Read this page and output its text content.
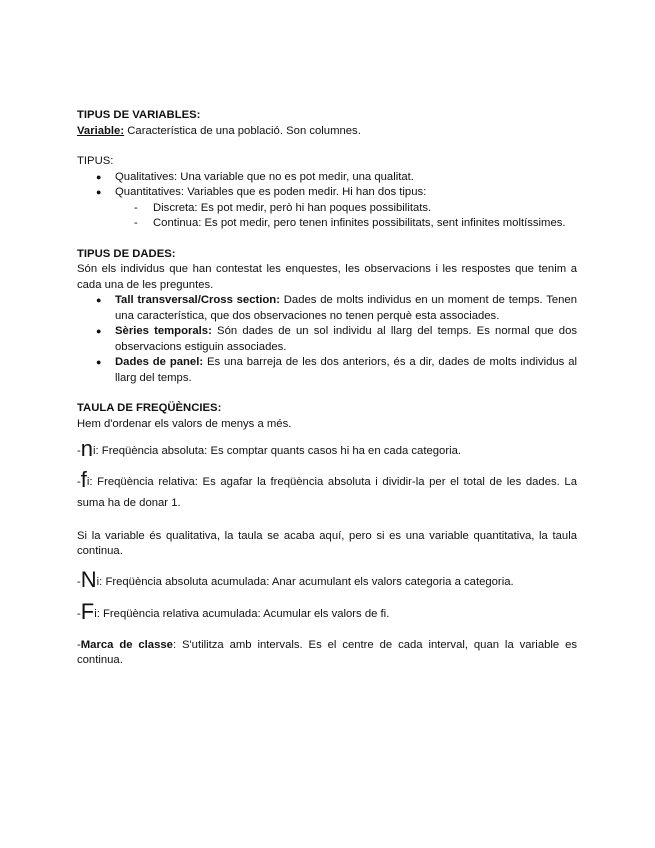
TIPUS DE VARIABLES:

Variable: Característica de una població. Son columnes.

TIPUS:

● Qualitatives: Una variable que no es pot medir, una qualitat.
● Quantitatives: Variables que es poden medir. Hi han dos tipus:
- Discreta: Es pot medir, però hi han poques possibilitats.
- Continua: Es pot medir, pero tenen infinites possibilitats, sent infinites moltíssimes.

TIPUS DE DADES:

Són els individus que han contestat les enquestes, les observacions i les respostes que tenim a cada una de les preguntes.

● Tall transversal/Cross section: Dades de molts individus en un moment de temps. Tenen una característica, que dos observaciones no tenen perquè esta associades.
● Sèries temporals: Són dades de un sol individu al llarg del temps. Es normal que dos observacions estiguin associades.
● Dades de panel: Es una barreja de les dos anteriors, és a dir, dades de molts individus al llarg del temps.

TAULA DE FREQÜÈNCIES:

Hem d'ordenar els valors de menys a més.

-ni: Freqüència absoluta: Es comptar quants casos hi ha en cada categoria.

-fi: Freqüència relativa: Es agafar la freqüència absoluta i dividir-la per el total de les dades. La suma ha de donar 1.

Si la variable és qualitativa, la taula se acaba aquí, pero si es una variable quantitativa, la taula continua.

-Ni: Freqüència absoluta acumulada: Anar acumulant els valors categoria a categoria.

-Fi: Freqüència relativa acumulada: Acumular els valors de fi.

-Marca de classe: S'utilitza amb intervals. Es el centre de cada interval, quan la variable es continua.
